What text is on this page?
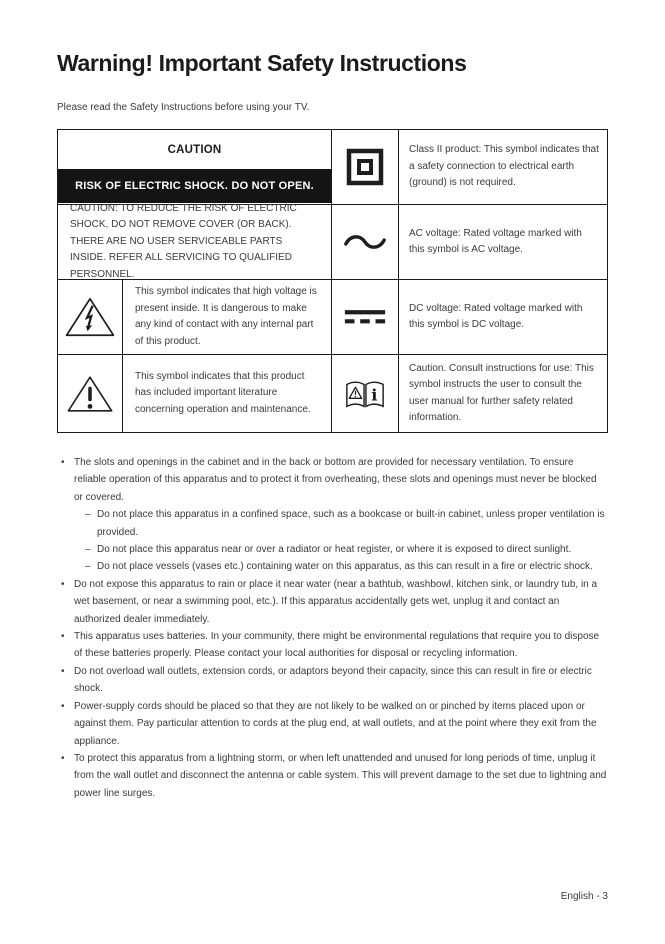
Warning! Important Safety Instructions

Please read the Safety Instructions before using your TV.

CAUTION
RISK OF ELECTRIC SHOCK. DO NOT OPEN.

Class II product: This symbol indicates that a safety connection to electrical earth (ground) is not required.

CAUTION: TO REDUCE THE RISK OF ELECTRIC SHOCK, DO NOT REMOVE COVER (OR BACK). THERE ARE NO USER SERVICEABLE PARTS INSIDE. REFER ALL SERVICING TO QUALIFIED PERSONNEL.

AC voltage: Rated voltage marked with this symbol is AC voltage.

This symbol indicates that high voltage is present inside. It is dangerous to make any kind of contact with any internal part of this product.

DC voltage: Rated voltage marked with this symbol is DC voltage.

This symbol indicates that this product has included important literature concerning operation and maintenance.

i

Caution. Consult instructions for use: This symbol instructs the user to consult the user manual for further safety related information.

• The slots and openings in the cabinet and in the back or bottom are provided for necessary ventilation. To ensure reliable operation of this apparatus and to protect it from overheating, these slots and openings must never be blocked or covered.
– Do not place this apparatus in a confined space, such as a bookcase or built-in cabinet, unless proper ventilation is provided.
– Do not place this apparatus near or over a radiator or heat register, or where it is exposed to direct sunlight.
– Do not place vessels (vases etc.) containing water on this apparatus, as this can result in a fire or electric shock.
• Do not expose this apparatus to rain or place it near water (near a bathtub, washbowl, kitchen sink, or laundry tub, in a wet basement, or near a swimming pool, etc.). If this apparatus accidentally gets wet, unplug it and contact an authorized dealer immediately.
• This apparatus uses batteries. In your community, there might be environmental regulations that require you to dispose of these batteries properly. Please contact your local authorities for disposal or recycling information.
• Do not overload wall outlets, extension cords, or adaptors beyond their capacity, since this can result in fire or electric shock.
• Power-supply cords should be placed so that they are not likely to be walked on or pinched by items placed upon or against them. Pay particular attention to cords at the plug end, at wall outlets, and at the point where they exit from the appliance.
• To protect this apparatus from a lightning storm, or when left unattended and unused for long periods of time, unplug it from the wall outlet and disconnect the antenna or cable system. This will prevent damage to the set due to lightning and power line surges.
English - 3
